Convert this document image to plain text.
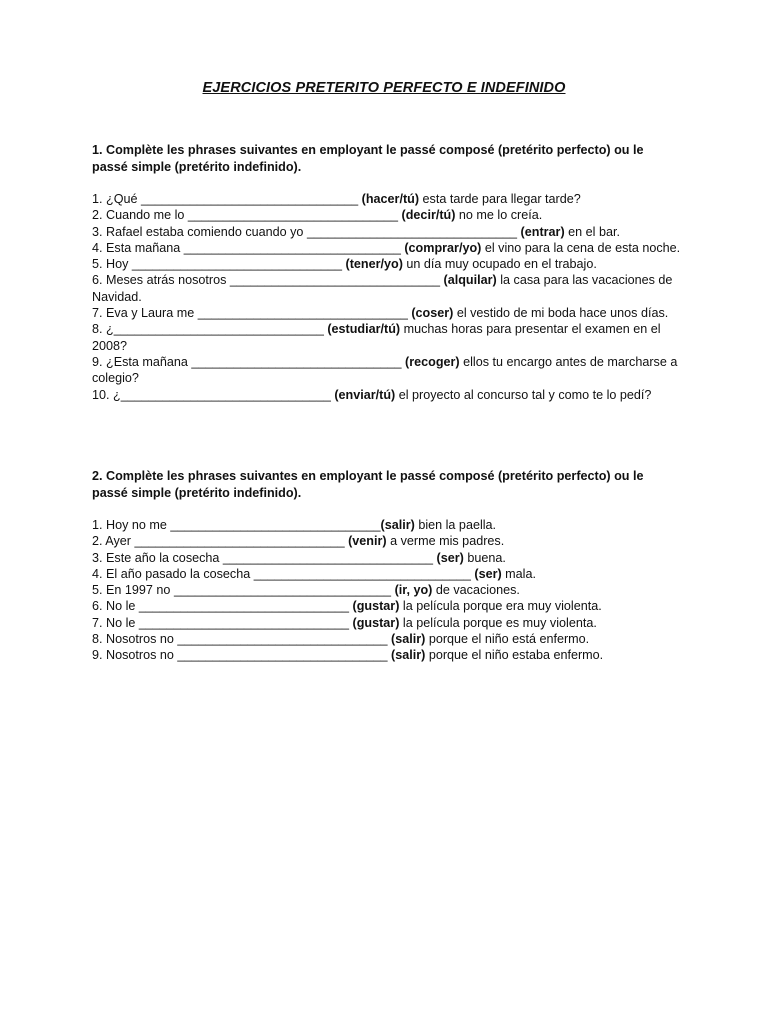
EJERCICIOS PRETERITO PERFECTO E INDEFINIDO

1. Complète les phrases suivantes en employant le passé composé (pretérito perfecto) ou le passé simple (pretérito indefinido).

1. ¿Qué _______________________________ (hacer/tú) esta tarde para llegar tarde?
2. Cuando me lo ______________________________ (decir/tú) no me lo creía.
3. Rafael estaba comiendo cuando yo ______________________________ (entrar) en el bar.
4. Esta mañana _______________________________ (comprar/yo) el vino para la cena de esta noche.
5. Hoy ______________________________ (tener/yo) un día muy ocupado en el trabajo.
6. Meses atrás nosotros ______________________________ (alquilar) la casa para las vacaciones de Navidad.
7. Eva y Laura me ______________________________ (coser) el vestido de mi boda hace unos días.
8. ¿______________________________ (estudiar/tú) muchas horas para presentar el examen en el 2008?
9. ¿Esta mañana ______________________________ (recoger) ellos tu encargo antes de marcharse a colegio?
10. ¿______________________________ (enviar/tú) el proyecto al concurso tal y como te lo pedí?

2. Complète les phrases suivantes en employant le passé composé (pretérito perfecto) ou le passé simple (pretérito indefinido).

1. Hoy no me ______________________________(salir) bien la paella.
2. Ayer ______________________________ (venir) a verme mis padres.
3. Este año la cosecha ______________________________ (ser) buena.
4. El año pasado la cosecha _______________________________ (ser) mala.
5. En 1997 no _______________________________ (ir, yo) de vacaciones.
6. No le ______________________________ (gustar) la película porque era muy violenta.
7. No le ______________________________ (gustar) la película porque es muy violenta.
8. Nosotros no ______________________________ (salir) porque el niño está enfermo.
9. Nosotros no ______________________________ (salir) porque el niño estaba enfermo.
